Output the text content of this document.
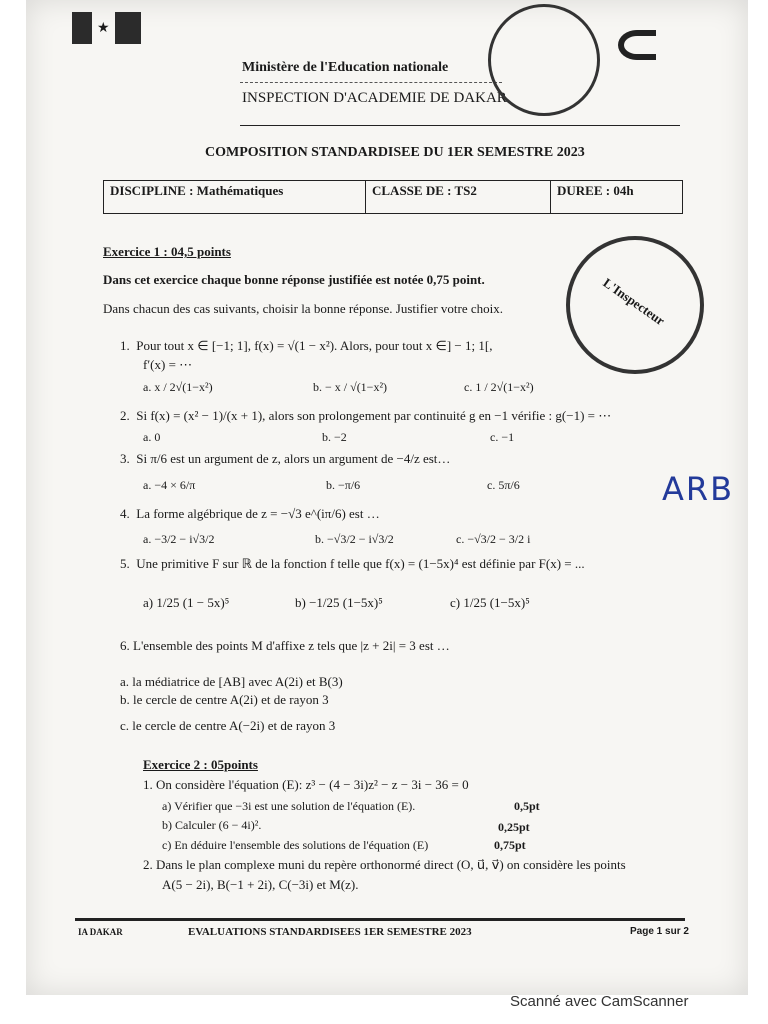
★
Ministère de l'Education nationale
INSPECTION D'ACADEMIE DE DAKAR
COMPOSITION STANDARDISEE DU 1ER SEMESTRE 2023
DISCIPLINE : Mathématiques	CLASSE DE : TS2	DUREE : 04h
L'Inspecteur
ARB
Exercice 1 : 04,5 points
Dans cet exercice chaque bonne réponse justifiée est notée 0,75 point.
Dans chacun des cas suivants, choisir la bonne réponse. Justifier votre choix.
1. Pour tout x ∈ [−1; 1], f(x) = √(1 − x²). Alors, pour tout x ∈] − 1; 1[,
f′(x) = ⋯
a. x / 2√(1−x²)	b. − x / √(1−x²)	c. 1 / 2√(1−x²)
2. Si f(x) = (x² − 1)/(x + 1), alors son prolongement par continuité g en −1 vérifie : g(−1) = ⋯
a. 0	b. −2	c. −1
3. Si π/6 est un argument de z, alors un argument de −4/z est…
a. −4 × 6/π	b. −π/6	c. 5π/6
4. La forme algébrique de z = −√3 e^(iπ/6) est …
a. −3/2 − i√3/2	b. −√3/2 − i√3/2	c. −√3/2 − 3/2 i
5. Une primitive F sur ℝ de la fonction f telle que f(x) = (1−5x)⁴ est définie par F(x) = ...
a) 1/25 (1 − 5x)⁵	b) −1/25 (1−5x)⁵	c) 1/25 (1−5x)⁵
6. L'ensemble des points M d'affixe z tels que |z + 2i| = 3 est …
a. la médiatrice de [AB] avec A(2i) et B(3)
b. le cercle de centre A(2i) et de rayon 3
c. le cercle de centre A(−2i) et de rayon 3
Exercice 2 : 05points
1. On considère l'équation (E): z³ − (4 − 3i)z² − z − 3i − 36 = 0
a) Vérifier que −3i est une solution de l'équation (E).	0,5pt
b) Calculer (6 − 4i)².	0,25pt
c) En déduire l'ensemble des solutions de l'équation (E)	0,75pt
2. Dans le plan complexe muni du repère orthonormé direct (O, u⃗, v⃗) on considère les points
A(5 − 2i), B(−1 + 2i), C(−3i) et M(z).
IA DAKAR	EVALUATIONS STANDARDISEES 1ER SEMESTRE 2023	Page 1 sur 2
Scanné avec CamScanner
